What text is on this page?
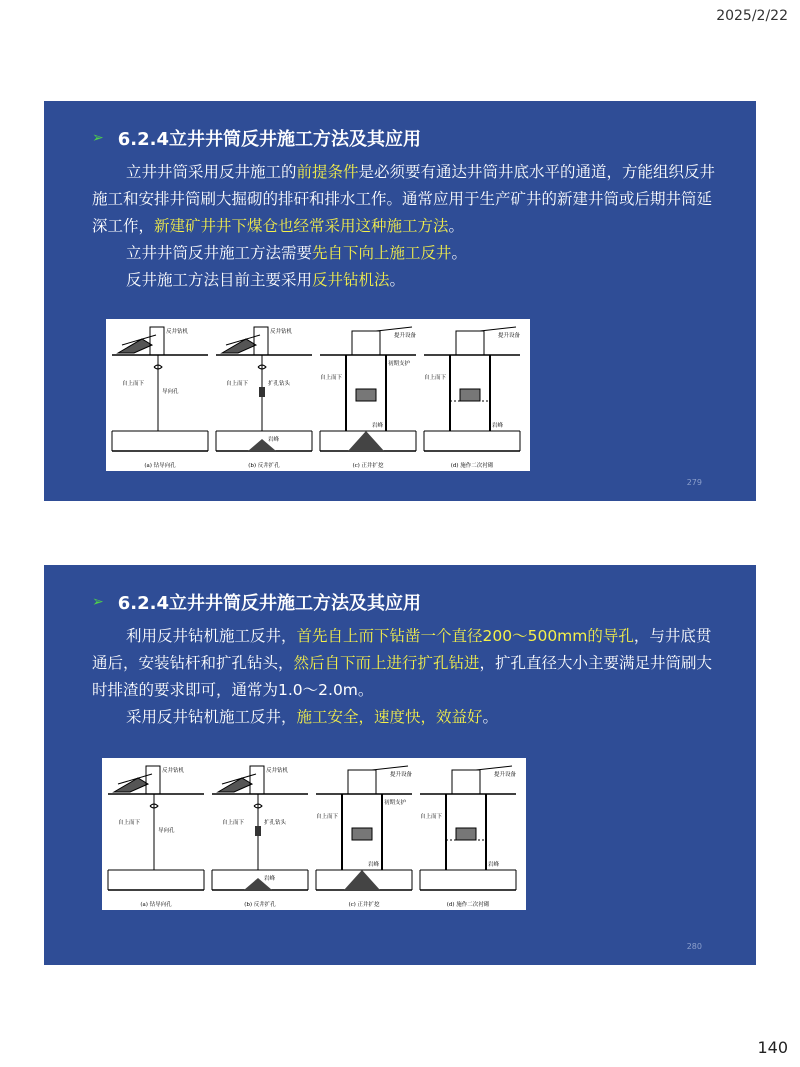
2025/2/22
➢ 6.2.4立井井筒反井施工方法及其应用
立井井筒采用反井施工的前提条件是必须要有通达井筒井底水平的通道，方能组织反井施工和安排井筒刷大掘砌的排矸和排水工作。通常应用于生产矿井的新建井筒或后期井筒延深工作，新建矿井井下煤仓也经常采用这种施工方法。
立井井筒反井施工方法需要先自下向上施工反井。
反井施工方法目前主要采用反井钻机法。
反井钻机
自上而下
导向孔
(a) 钻导向孔
反井钻机
自上而下	扩孔钻头
岩峰
(b) 反井扩孔
提升设备
自上而下
初期支护
岩峰
(c) 正井扩挖
提升设备
自上而下
岩峰
(d) 施作二次衬砌
279
➢ 6.2.4立井井筒反井施工方法及其应用
利用反井钻机施工反井，首先自上而下钻凿一个直径200～500mm的导孔，与井底贯通后，安装钻杆和扩孔钻头，然后自下而上进行扩孔钻进，扩孔直径大小主要满足井筒刷大时排渣的要求即可，通常为1.0～2.0m。
采用反井钻机施工反井，施工安全，速度快，效益好。
反井钻机
自上而下
导向孔
(a) 钻导向孔
反井钻机
自上而下	扩孔钻头
岩峰
(b) 反井扩孔
提升设备
自上而下
初期支护
岩峰
(c) 正井扩挖
提升设备
自上而下
岩峰
(d) 施作二次衬砌
280
140
